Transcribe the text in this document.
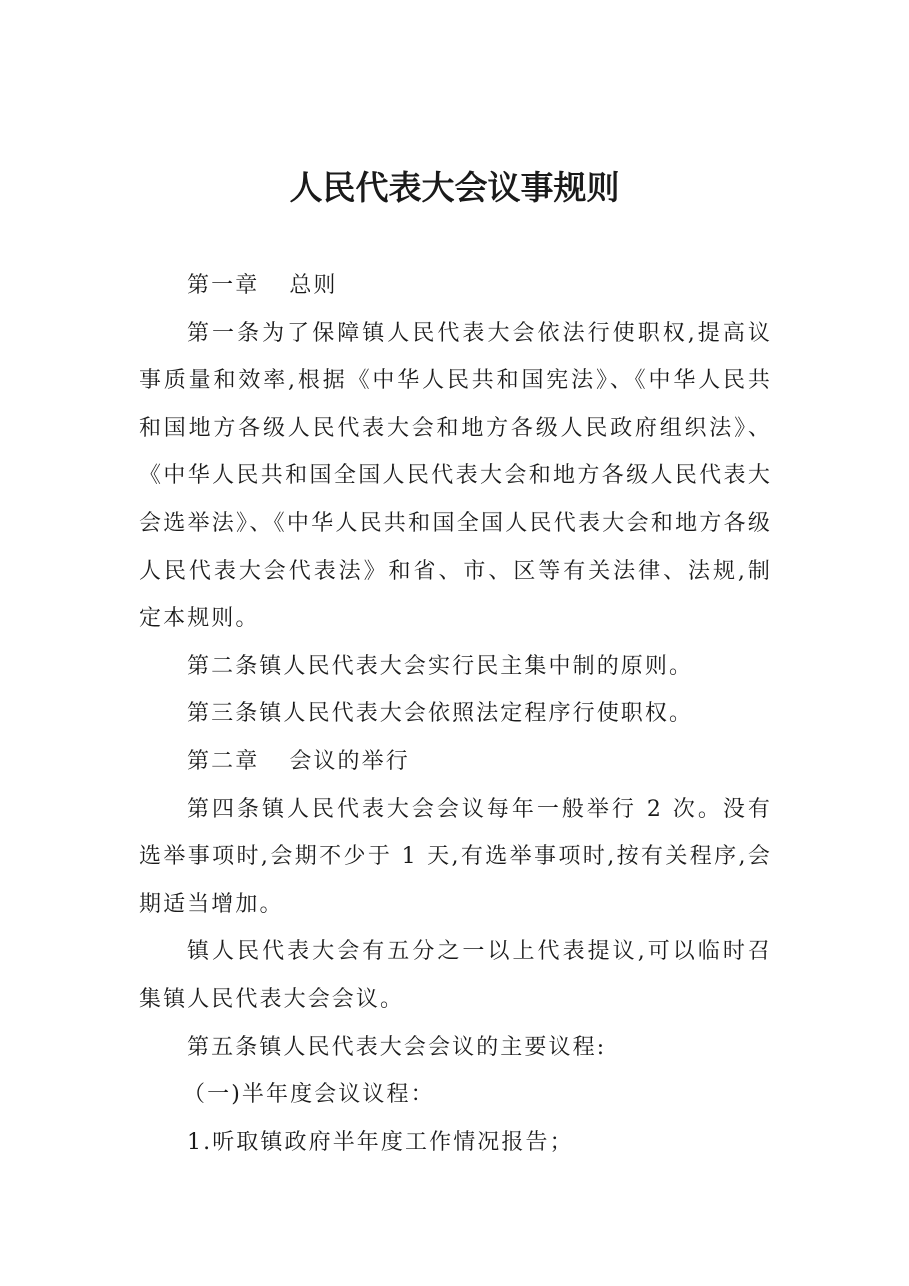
人民代表大会议事规则

第一章 总则

第一条为了保障镇人民代表大会依法行使职权,提高议事质量和效率,根据《中华人民共和国宪法》、《中华人民共和国地方各级人民代表大会和地方各级人民政府组织法》、《中华人民共和国全国人民代表大会和地方各级人民代表大会选举法》、《中华人民共和国全国人民代表大会和地方各级人民代表大会代表法》和省、市、区等有关法律、法规,制定本规则。

第二条镇人民代表大会实行民主集中制的原则。

第三条镇人民代表大会依照法定程序行使职权。

第二章 会议的举行

第四条镇人民代表大会会议每年一般举行 2 次。没有选举事项时,会期不少于 1 天,有选举事项时,按有关程序,会期适当增加。

镇人民代表大会有五分之一以上代表提议,可以临时召集镇人民代表大会会议。

第五条镇人民代表大会会议的主要议程:

（一)半年度会议议程：

1.听取镇政府半年度工作情况报告；
